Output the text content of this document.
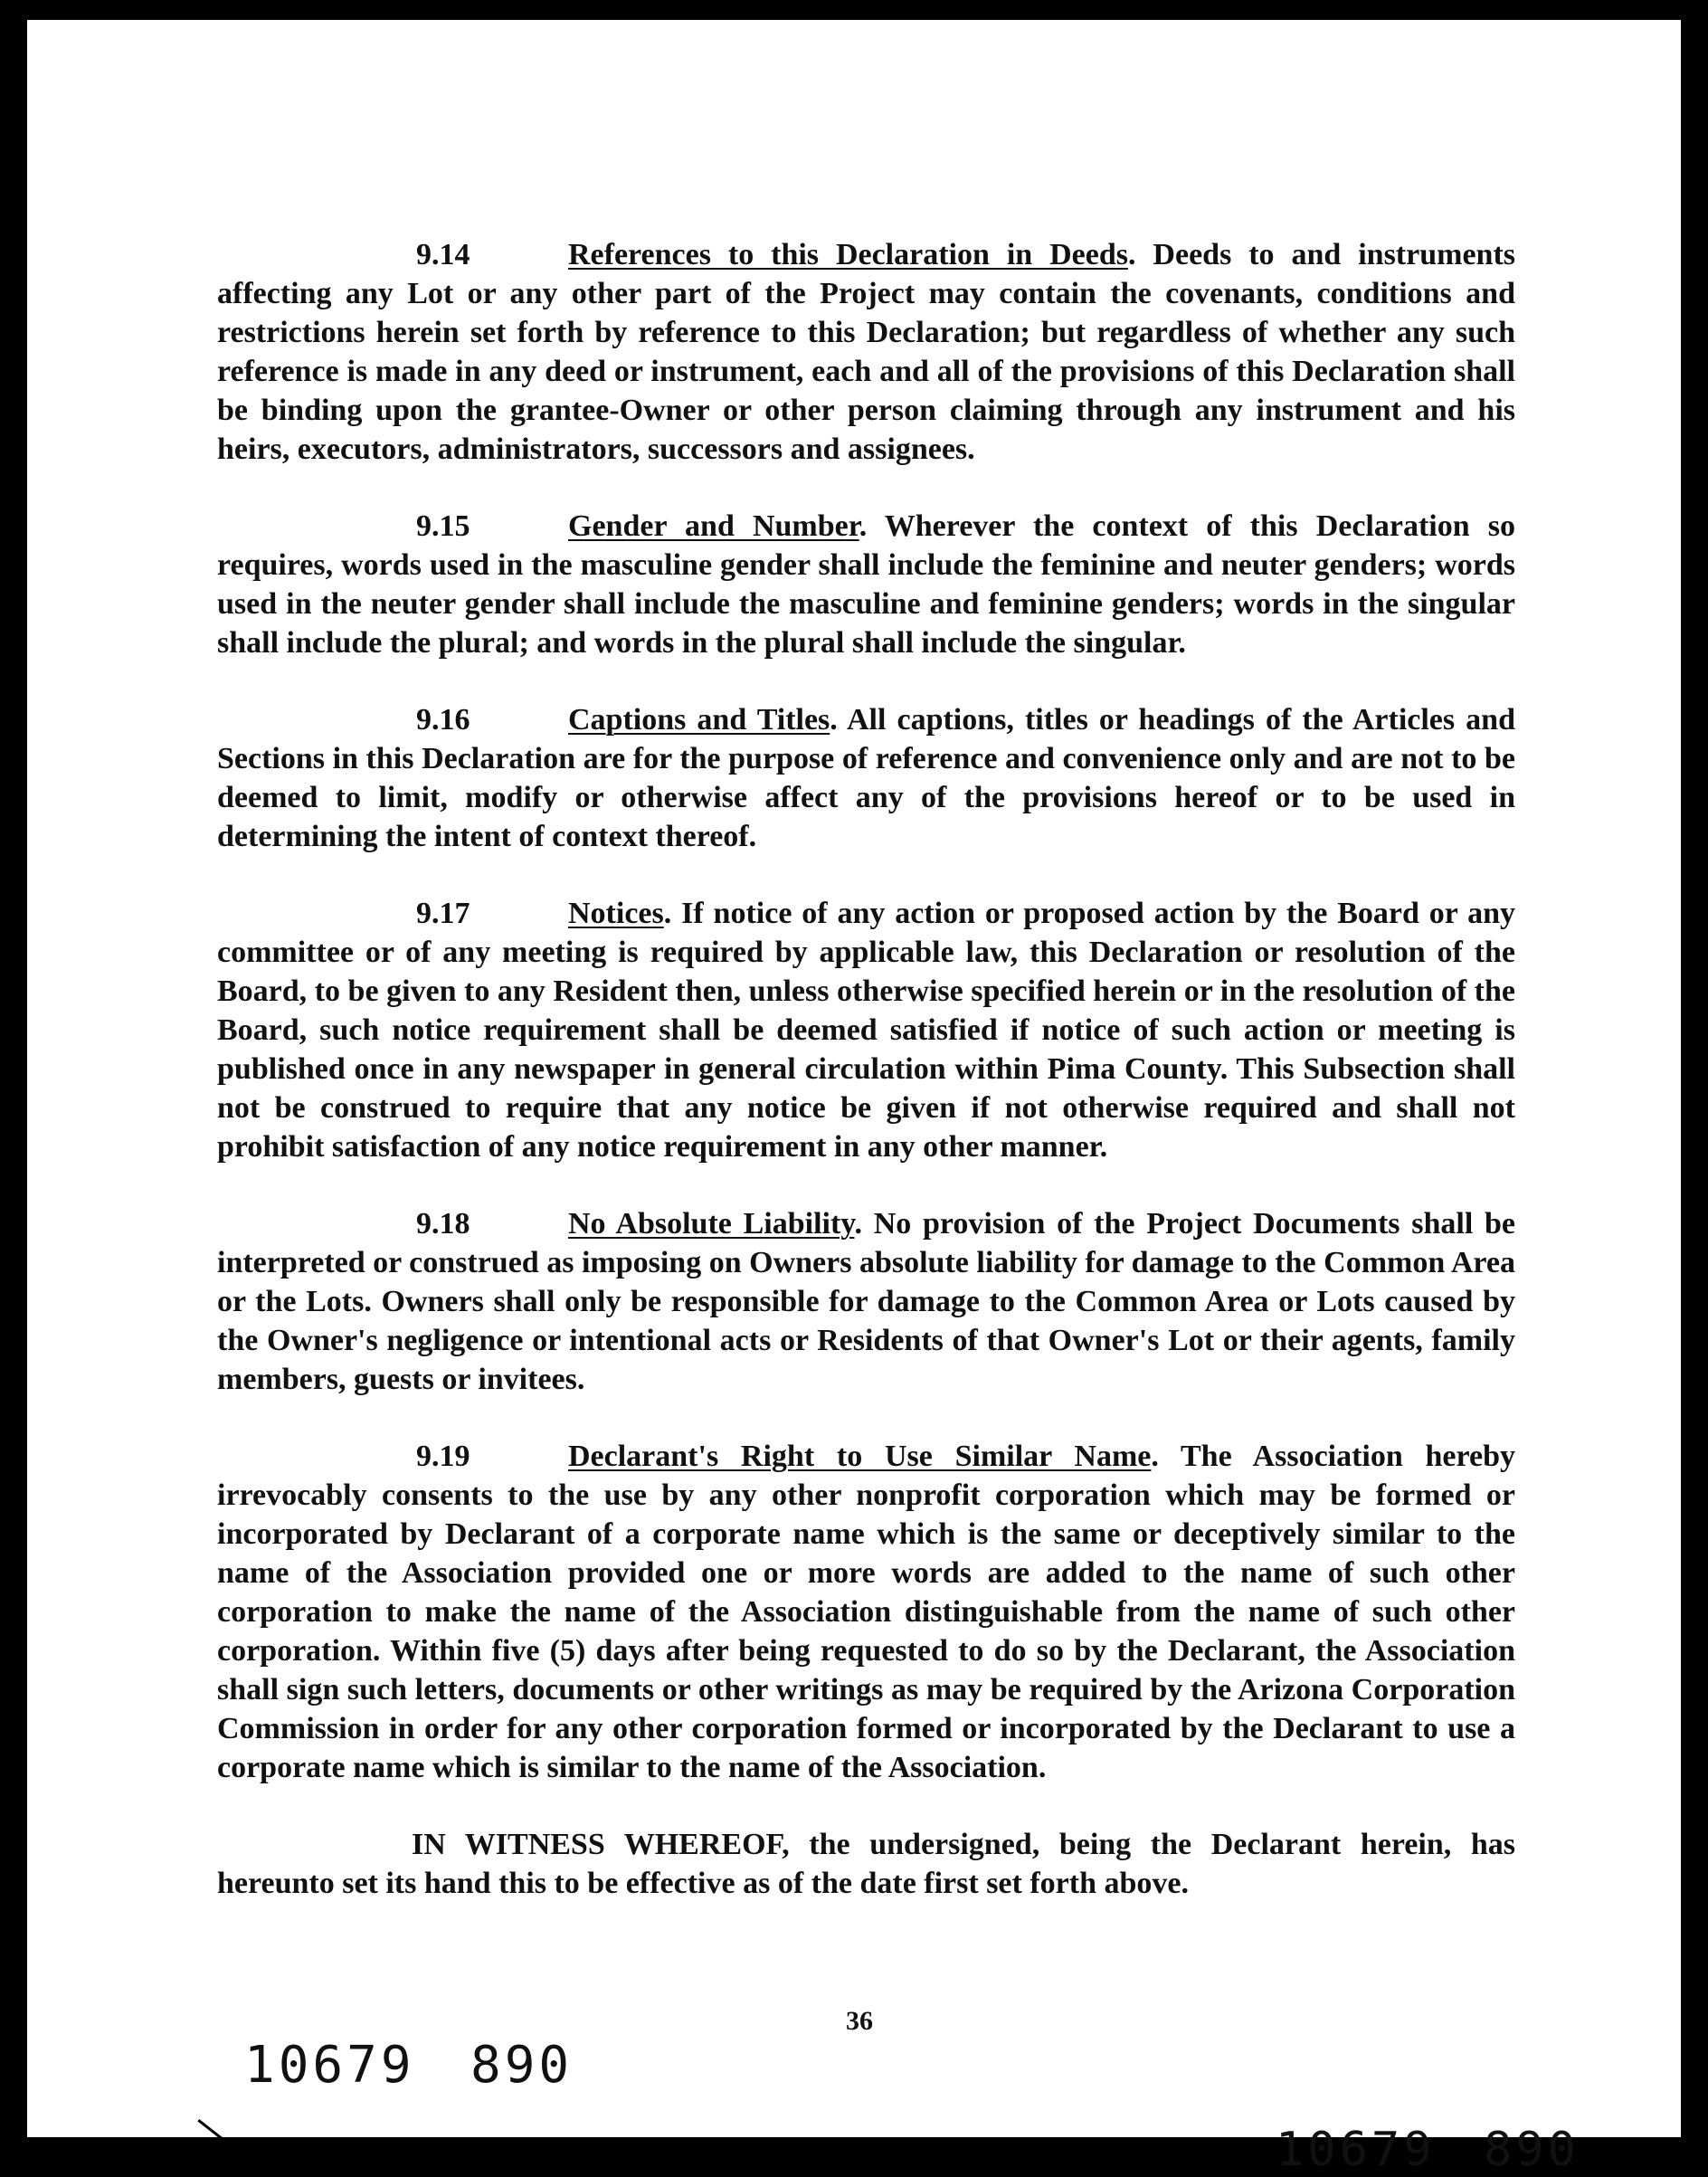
9.14	References to this Declaration in Deeds. Deeds to and instruments affecting any Lot or any other part of the Project may contain the covenants, conditions and restrictions herein set forth by reference to this Declaration; but regardless of whether any such reference is made in any deed or instrument, each and all of the provisions of this Declaration shall be binding upon the grantee-Owner or other person claiming through any instrument and his heirs, executors, administrators, successors and assignees.

9.15	Gender and Number. Wherever the context of this Declaration so requires, words used in the masculine gender shall include the feminine and neuter genders; words used in the neuter gender shall include the masculine and feminine genders; words in the singular shall include the plural; and words in the plural shall include the singular.

9.16	Captions and Titles. All captions, titles or headings of the Articles and Sections in this Declaration are for the purpose of reference and convenience only and are not to be deemed to limit, modify or otherwise affect any of the provisions hereof or to be used in determining the intent of context thereof.

9.17	Notices. If notice of any action or proposed action by the Board or any committee or of any meeting is required by applicable law, this Declaration or resolution of the Board, to be given to any Resident then, unless otherwise specified herein or in the resolution of the Board, such notice requirement shall be deemed satisfied if notice of such action or meeting is published once in any newspaper in general circulation within Pima County. This Subsection shall not be construed to require that any notice be given if not otherwise required and shall not prohibit satisfaction of any notice requirement in any other manner.

9.18	No Absolute Liability. No provision of the Project Documents shall be interpreted or construed as imposing on Owners absolute liability for damage to the Common Area or the Lots. Owners shall only be responsible for damage to the Common Area or Lots caused by the Owner's negligence or intentional acts or Residents of that Owner's Lot or their agents, family members, guests or invitees.

9.19	Declarant's Right to Use Similar Name. The Association hereby irrevocably consents to the use by any other nonprofit corporation which may be formed or incorporated by Declarant of a corporate name which is the same or deceptively similar to the name of the Association provided one or more words are added to the name of such other corporation to make the name of the Association distinguishable from the name of such other corporation. Within five (5) days after being requested to do so by the Declarant, the Association shall sign such letters, documents or other writings as may be required by the Arizona Corporation Commission in order for any other corporation formed or incorporated by the Declarant to use a corporate name which is similar to the name of the Association.

IN WITNESS WHEREOF, the undersigned, being the Declarant herein, has hereunto set its hand this to be effective as of the date first set forth above.

36
10679 890
10679 890
